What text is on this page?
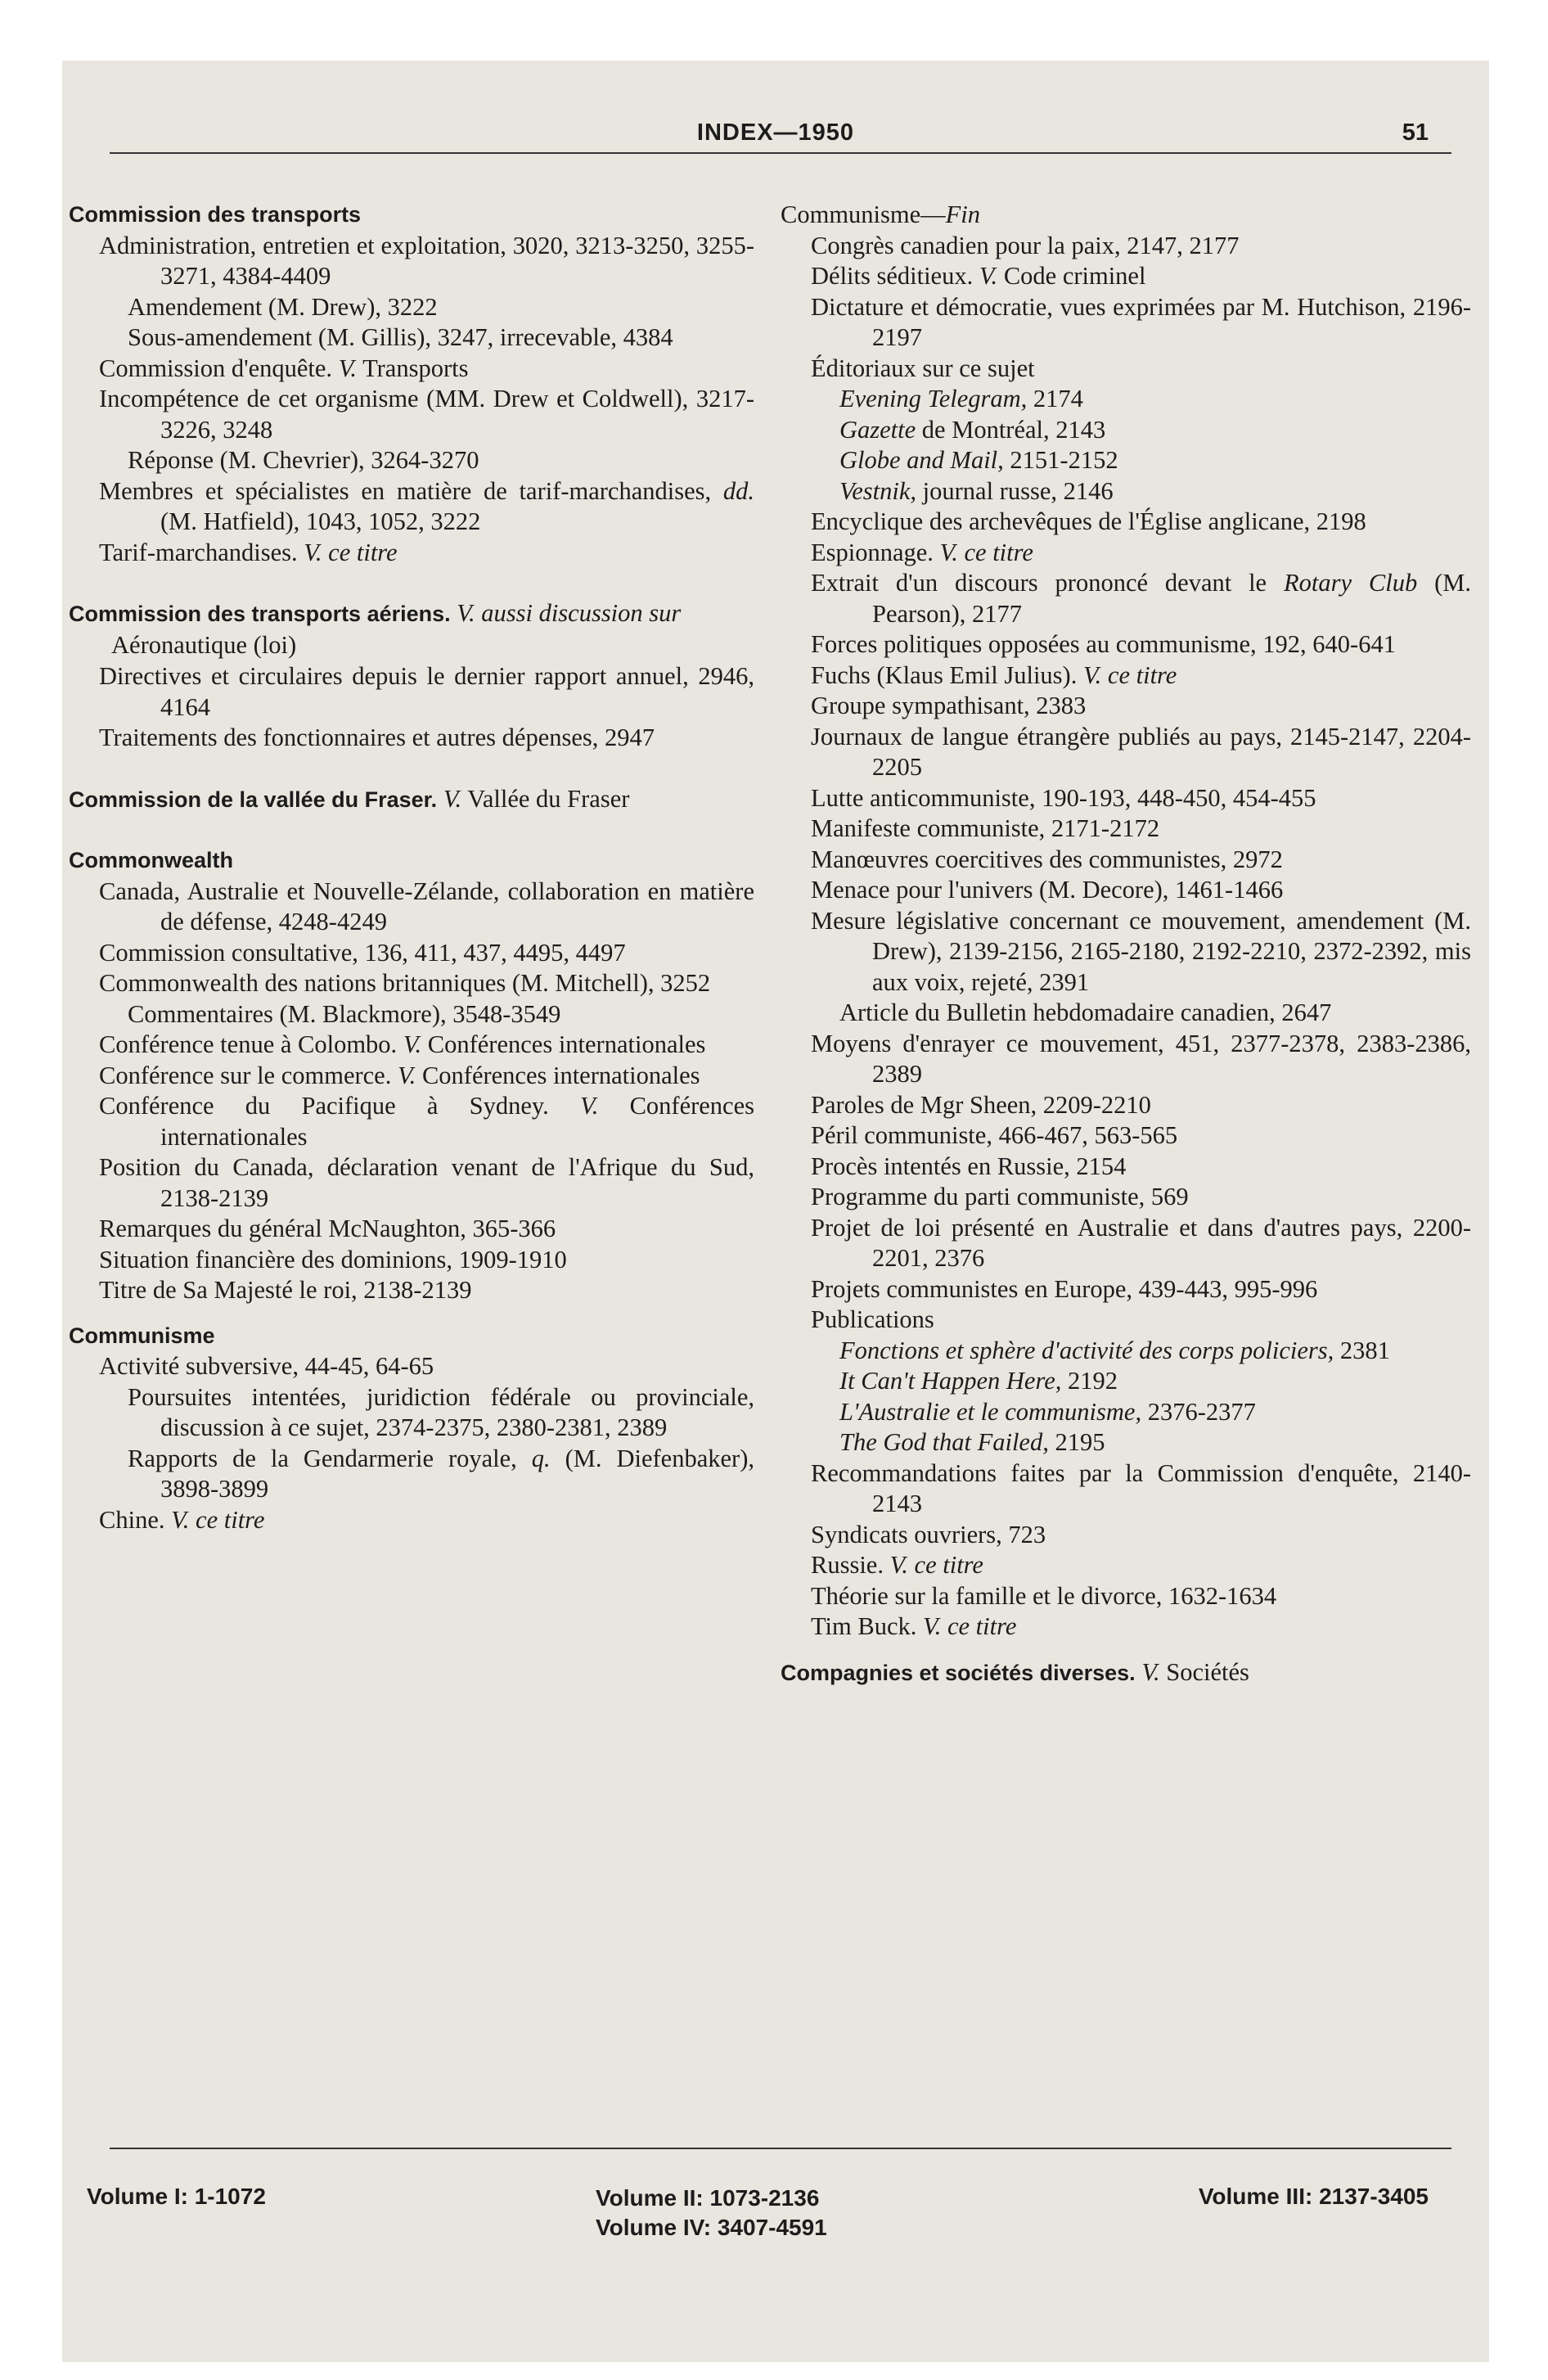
INDEX—1950	51
Commission des transports
Administration, entretien et exploitation, 3020, 3213-3250, 3255-3271, 4384-4409
Amendement (M. Drew), 3222
Sous-amendement (M. Gillis), 3247, irrecevable, 4384
Commission d'enquête. V. Transports
Incompétence de cet organisme (MM. Drew et Coldwell), 3217-3226, 3248
Réponse (M. Chevrier), 3264-3270
Membres et spécialistes en matière de tarif-marchandises, dd. (M. Hatfield), 1043, 1052, 3222
Tarif-marchandises. V. ce titre
Commission des transports aériens. V. aussi discussion sur Aéronautique (loi)
Directives et circulaires depuis le dernier rapport annuel, 2946, 4164
Traitements des fonctionnaires et autres dépenses, 2947
Commission de la vallée du Fraser. V. Vallée du Fraser
Commonwealth
Canada, Australie et Nouvelle-Zélande, collaboration en matière de défense, 4248-4249
Commission consultative, 136, 411, 437, 4495, 4497
Commonwealth des nations britanniques (M. Mitchell), 3252
Commentaires (M. Blackmore), 3548-3549
Conférence tenue à Colombo. V. Conférences internationales
Conférence sur le commerce. V. Conférences internationales
Conférence du Pacifique à Sydney. V. Conférences internationales
Position du Canada, déclaration venant de l'Afrique du Sud, 2138-2139
Remarques du général McNaughton, 365-366
Situation financière des dominions, 1909-1910
Titre de Sa Majesté le roi, 2138-2139
Communisme
Activité subversive, 44-45, 64-65
Poursuites intentées, juridiction fédérale ou provinciale, discussion à ce sujet, 2374-2375, 2380-2381, 2389
Rapports de la Gendarmerie royale, q. (M. Diefenbaker), 3898-3899
Chine. V. ce titre
Communisme—Fin
Congrès canadien pour la paix, 2147, 2177
Délits séditieux. V. Code criminel
Dictature et démocratie, vues exprimées par M. Hutchison, 2196-2197
Éditoriaux sur ce sujet
Evening Telegram, 2174
Gazette de Montréal, 2143
Globe and Mail, 2151-2152
Vestnik, journal russe, 2146
Encyclique des archevêques de l'Église anglicane, 2198
Espionnage. V. ce titre
Extrait d'un discours prononcé devant le Rotary Club (M. Pearson), 2177
Forces politiques opposées au communisme, 192, 640-641
Fuchs (Klaus Emil Julius). V. ce titre
Groupe sympathisant, 2383
Journaux de langue étrangère publiés au pays, 2145-2147, 2204-2205
Lutte anticommuniste, 190-193, 448-450, 454-455
Manifeste communiste, 2171-2172
Manœuvres coercitives des communistes, 2972
Menace pour l'univers (M. Decore), 1461-1466
Mesure législative concernant ce mouvement, amendement (M. Drew), 2139-2156, 2165-2180, 2192-2210, 2372-2392, mis aux voix, rejeté, 2391
Article du Bulletin hebdomadaire canadien, 2647
Moyens d'enrayer ce mouvement, 451, 2377-2378, 2383-2386, 2389
Paroles de Mgr Sheen, 2209-2210
Péril communiste, 466-467, 563-565
Procès intentés en Russie, 2154
Programme du parti communiste, 569
Projet de loi présenté en Australie et dans d'autres pays, 2200-2201, 2376
Projets communistes en Europe, 439-443, 995-996
Publications
Fonctions et sphère d'activité des corps policiers, 2381
It Can't Happen Here, 2192
L'Australie et le communisme, 2376-2377
The God that Failed, 2195
Recommandations faites par la Commission d'enquête, 2140-2143
Syndicats ouvriers, 723
Russie. V. ce titre
Théorie sur la famille et le divorce, 1632-1634
Tim Buck. V. ce titre
Compagnies et sociétés diverses. V. Sociétés
Volume I: 1-1072	Volume II: 1073-2136
Volume IV: 3407-4591
Volume III: 2137-3405
